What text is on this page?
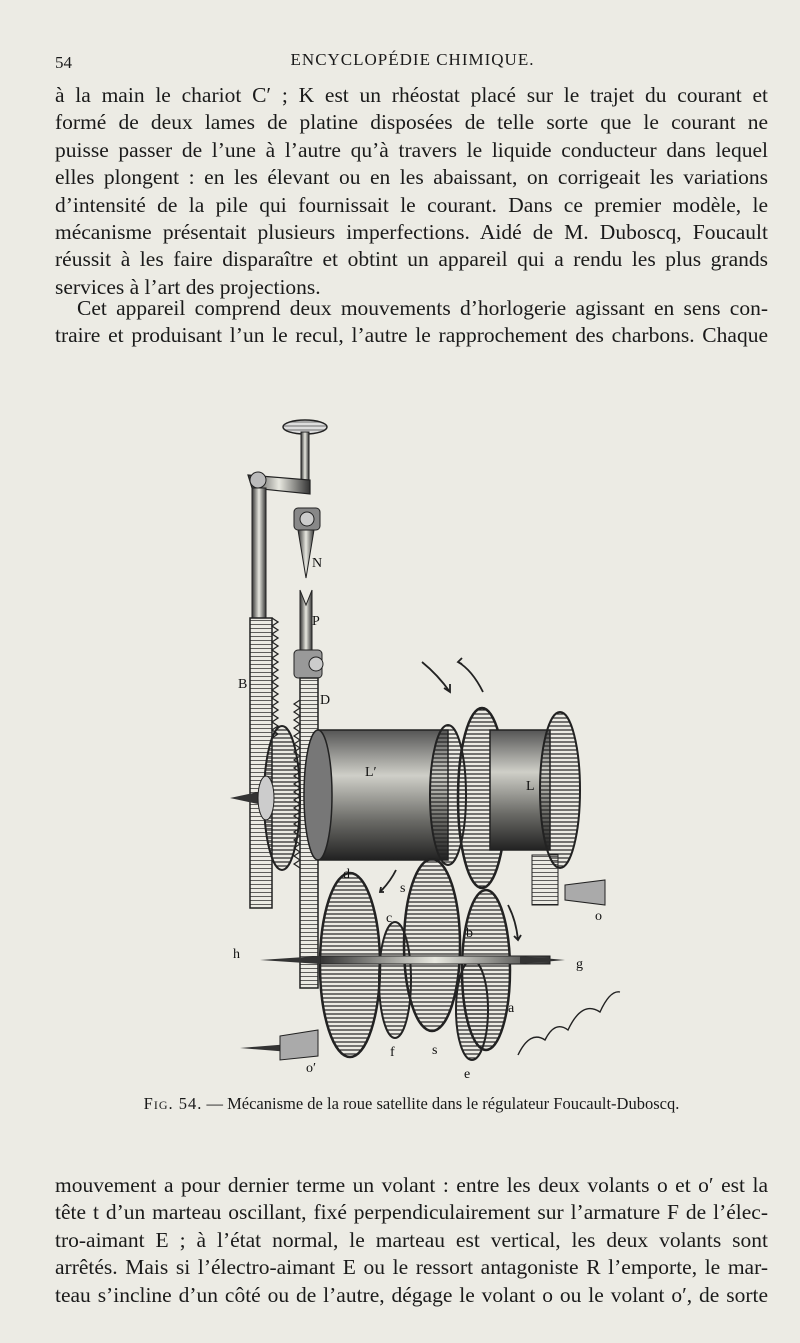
54	ENCYCLOPÉDIE CHIMIQUE.
à la main le chariot C′ ; K est un rhéostat placé sur le trajet du courant et
formé de deux lames de platine disposées de telle sorte que le courant ne
puisse passer de l’une à l’autre qu’à travers le liquide conducteur dans lequel
elles plongent : en les élevant ou en les abaissant, on corrigeait les variations
d’intensité de la pile qui fournissait le courant. Dans ce premier modèle, le
mécanisme présentait plusieurs imperfections. Aidé de M. Duboscq, Foucault
réussit à les faire disparaître et obtint un appareil qui a rendu les plus grands
services à l’art des projections.
Cet appareil comprend deux mouvements d’horlogerie agissant en sens con-
traire et produisant l’un le recul, l’autre le rapprochement des charbons. Chaque
N
P
B
D
L′
L
d
s
c
b
h
g
o
o′
a
f	s
e
Fig. 54. — Mécanisme de la roue satellite dans le régulateur Foucault-Duboscq.
mouvement a pour dernier terme un volant : entre les deux volants o et o′ est la
tête t d’un marteau oscillant, fixé perpendiculairement sur l’armature F de l’élec-
tro-aimant E ; à l’état normal, le marteau est vertical, les deux volants sont
arrêtés. Mais si l’électro-aimant E ou le ressort antagoniste R l’emporte, le mar-
teau s’incline d’un côté ou de l’autre, dégage le volant o ou le volant o′, de sorte
